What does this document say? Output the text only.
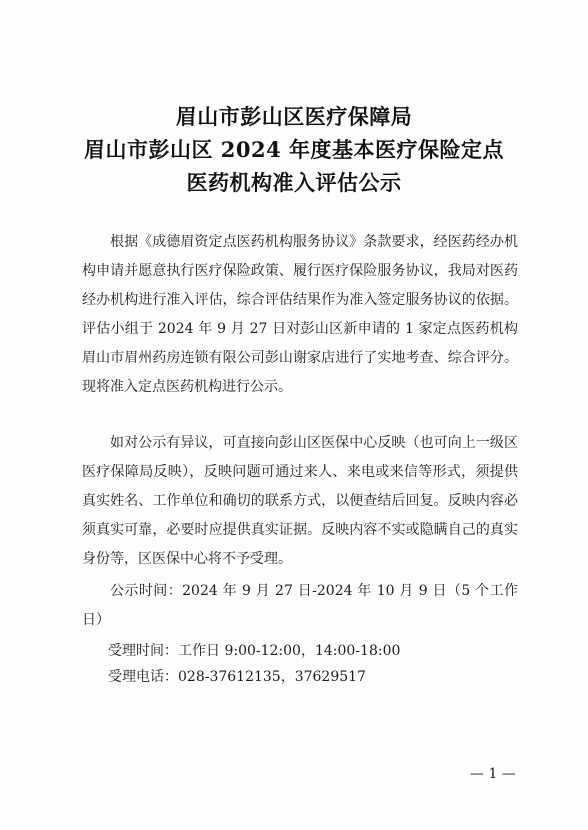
眉山市彭山区医疗保障局
眉山市彭山区 2024 年度基本医疗保险定点
医药机构准入评估公示

根据《成德眉资定点医药机构服务协议》条款要求，经医药经办机构申请并愿意执行医疗保险政策、履行医疗保险服务协议，我局对医药经办机构进行准入评估，综合评估结果作为准入签定服务协议的依据。评估小组于 2024 年 9 月 27 日对彭山区新申请的 1 家定点医药机构眉山市眉州药房连锁有限公司彭山谢家店进行了实地考查、综合评分。现将准入定点医药机构进行公示。

如对公示有异议，可直接向彭山区医保中心反映（也可向上一级区医疗保障局反映），反映问题可通过来人、来电或来信等形式，须提供真实姓名、工作单位和确切的联系方式，以便查结后回复。反映内容必须真实可靠，必要时应提供真实证据。反映内容不实或隐瞒自己的真实身份等，区医保中心将不予受理。

公示时间：2024 年 9 月 27 日-2024 年 10 月 9 日（5 个工作日）

受理时间：工作日 9:00-12:00，14:00-18:00
受理电话：028-37612135，37629517
— 1 —
